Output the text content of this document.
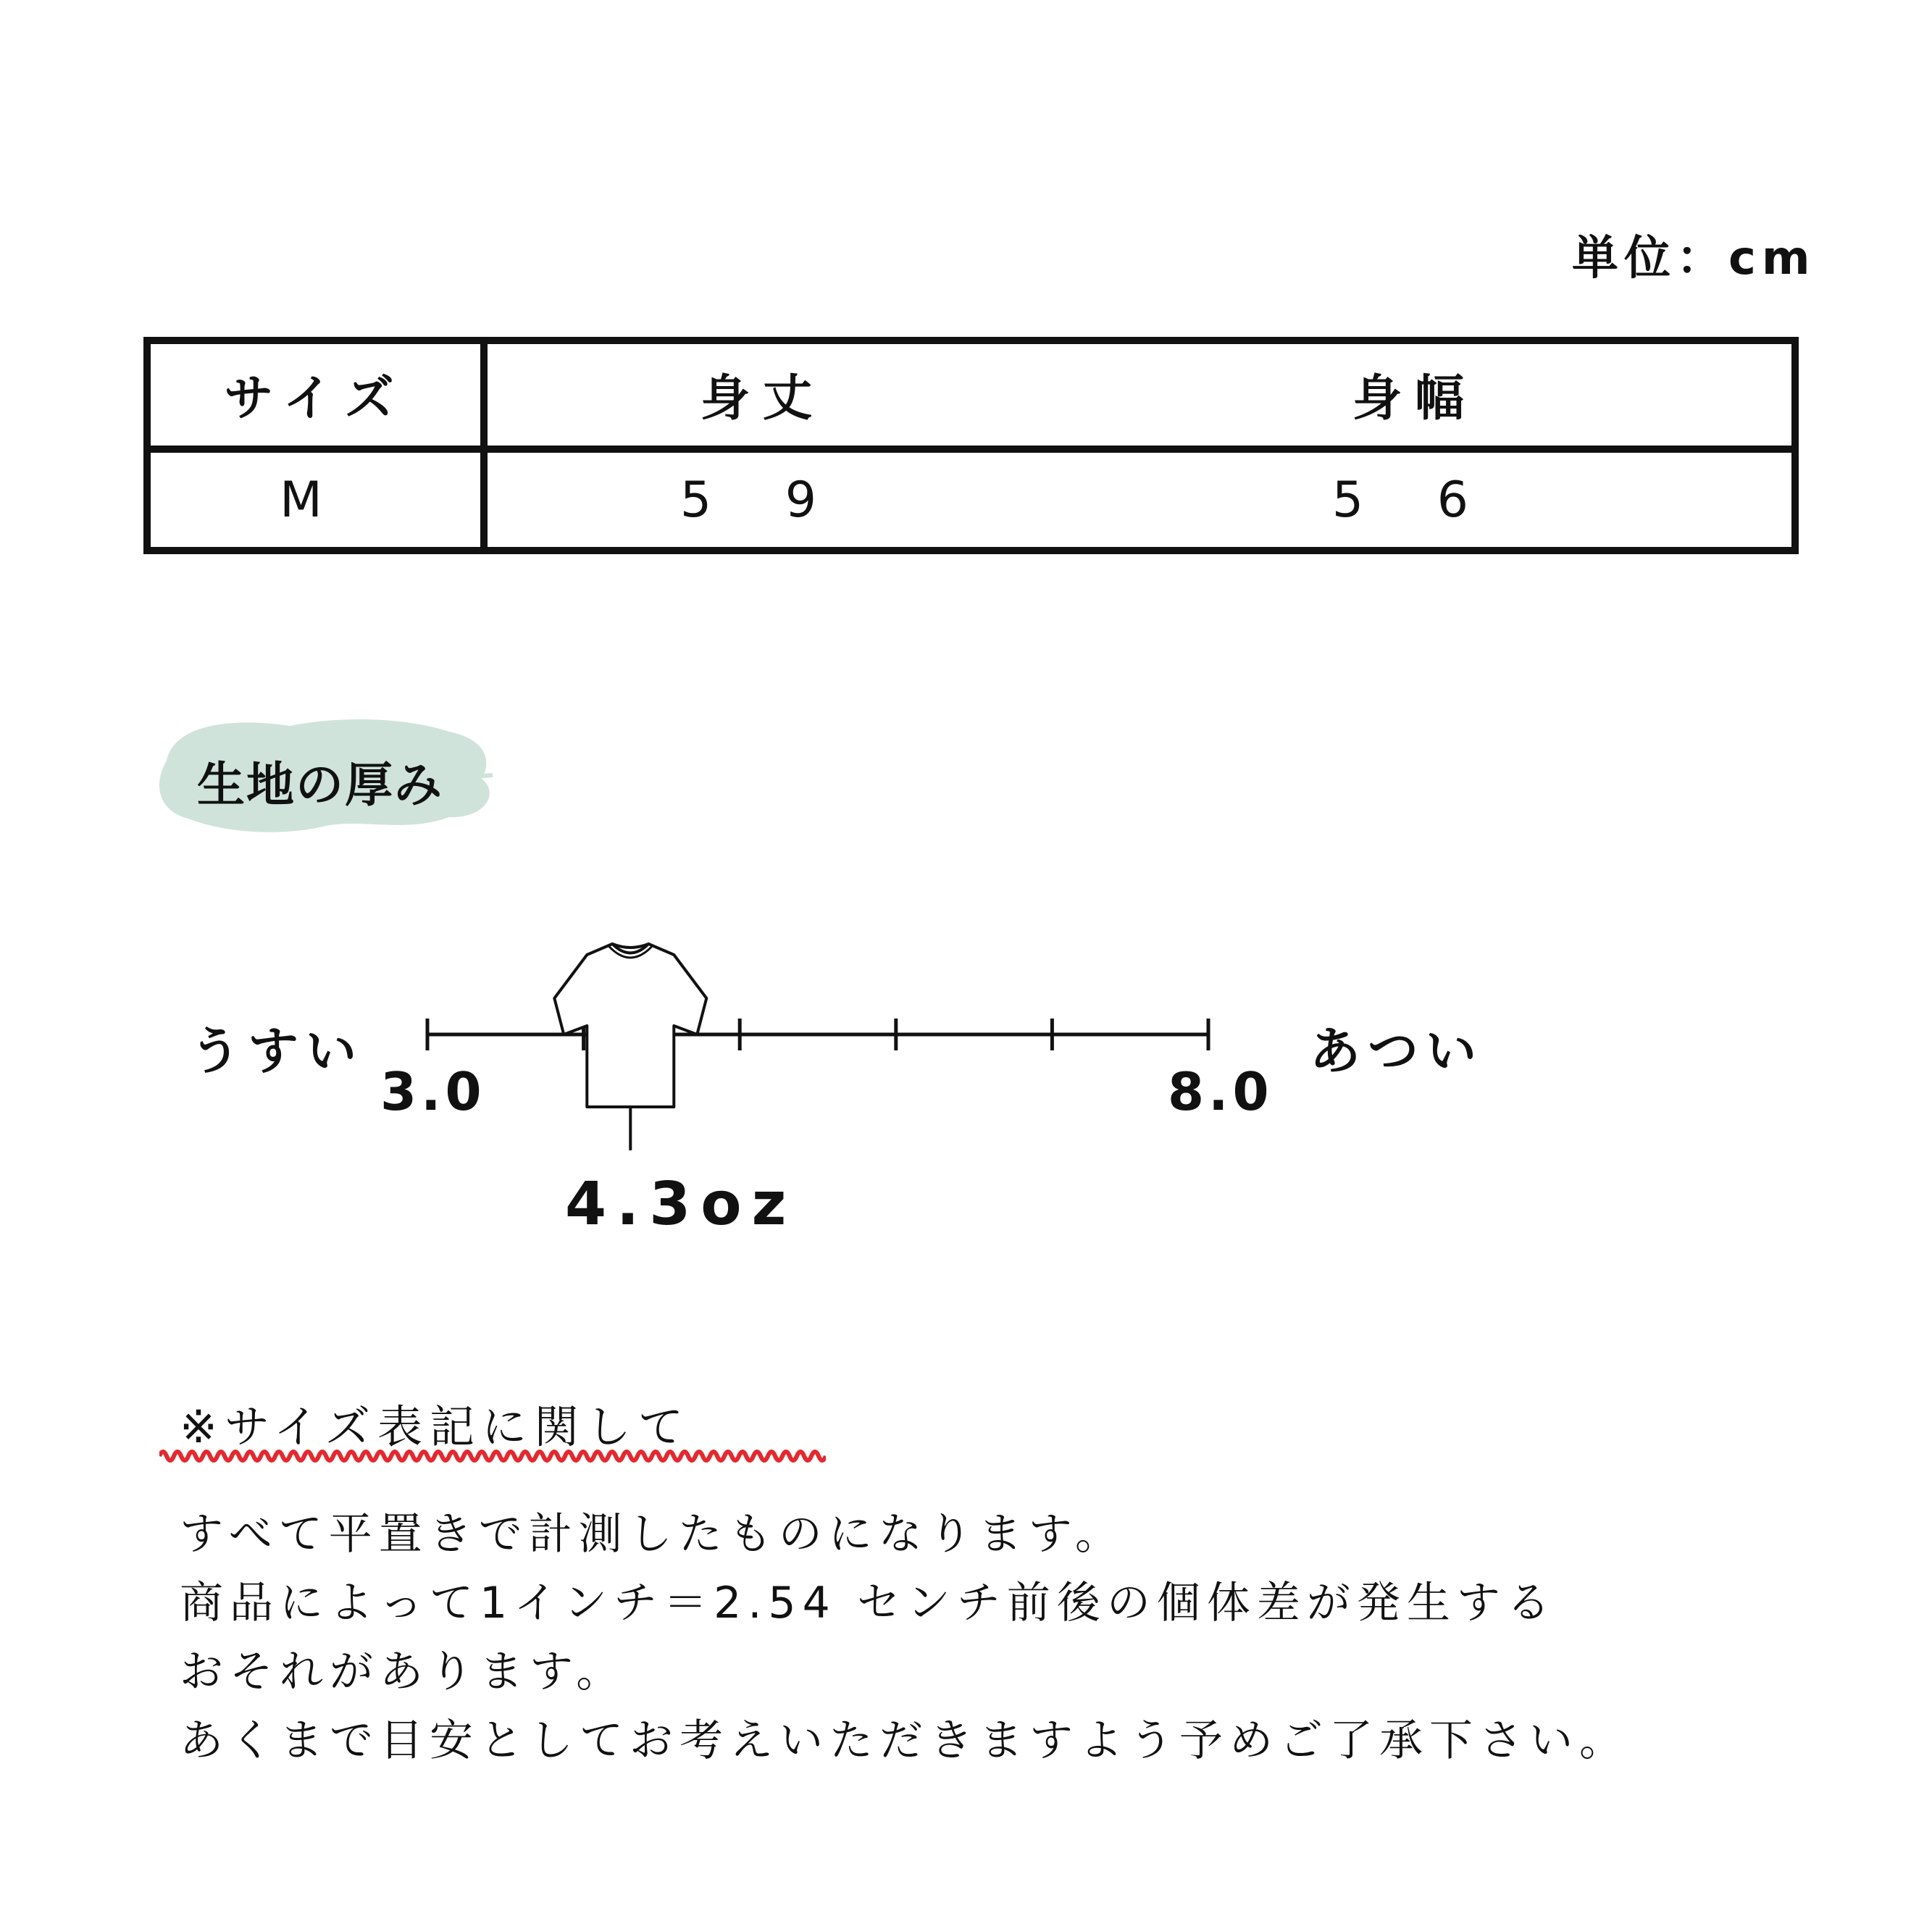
単位：cm
サイズ	身丈	身幅
M	5 9	5 6
生地の厚み
うすい	あつい
3.0	8.0
4.3oz
※サイズ表記に関して
すべて平置きで計測したものになります。
商品によって1インチ＝2.54 センチ前後の個体差が発生する
おそれがあります。
あくまで目安としてお考えいただきますよう予めご了承下さい。
